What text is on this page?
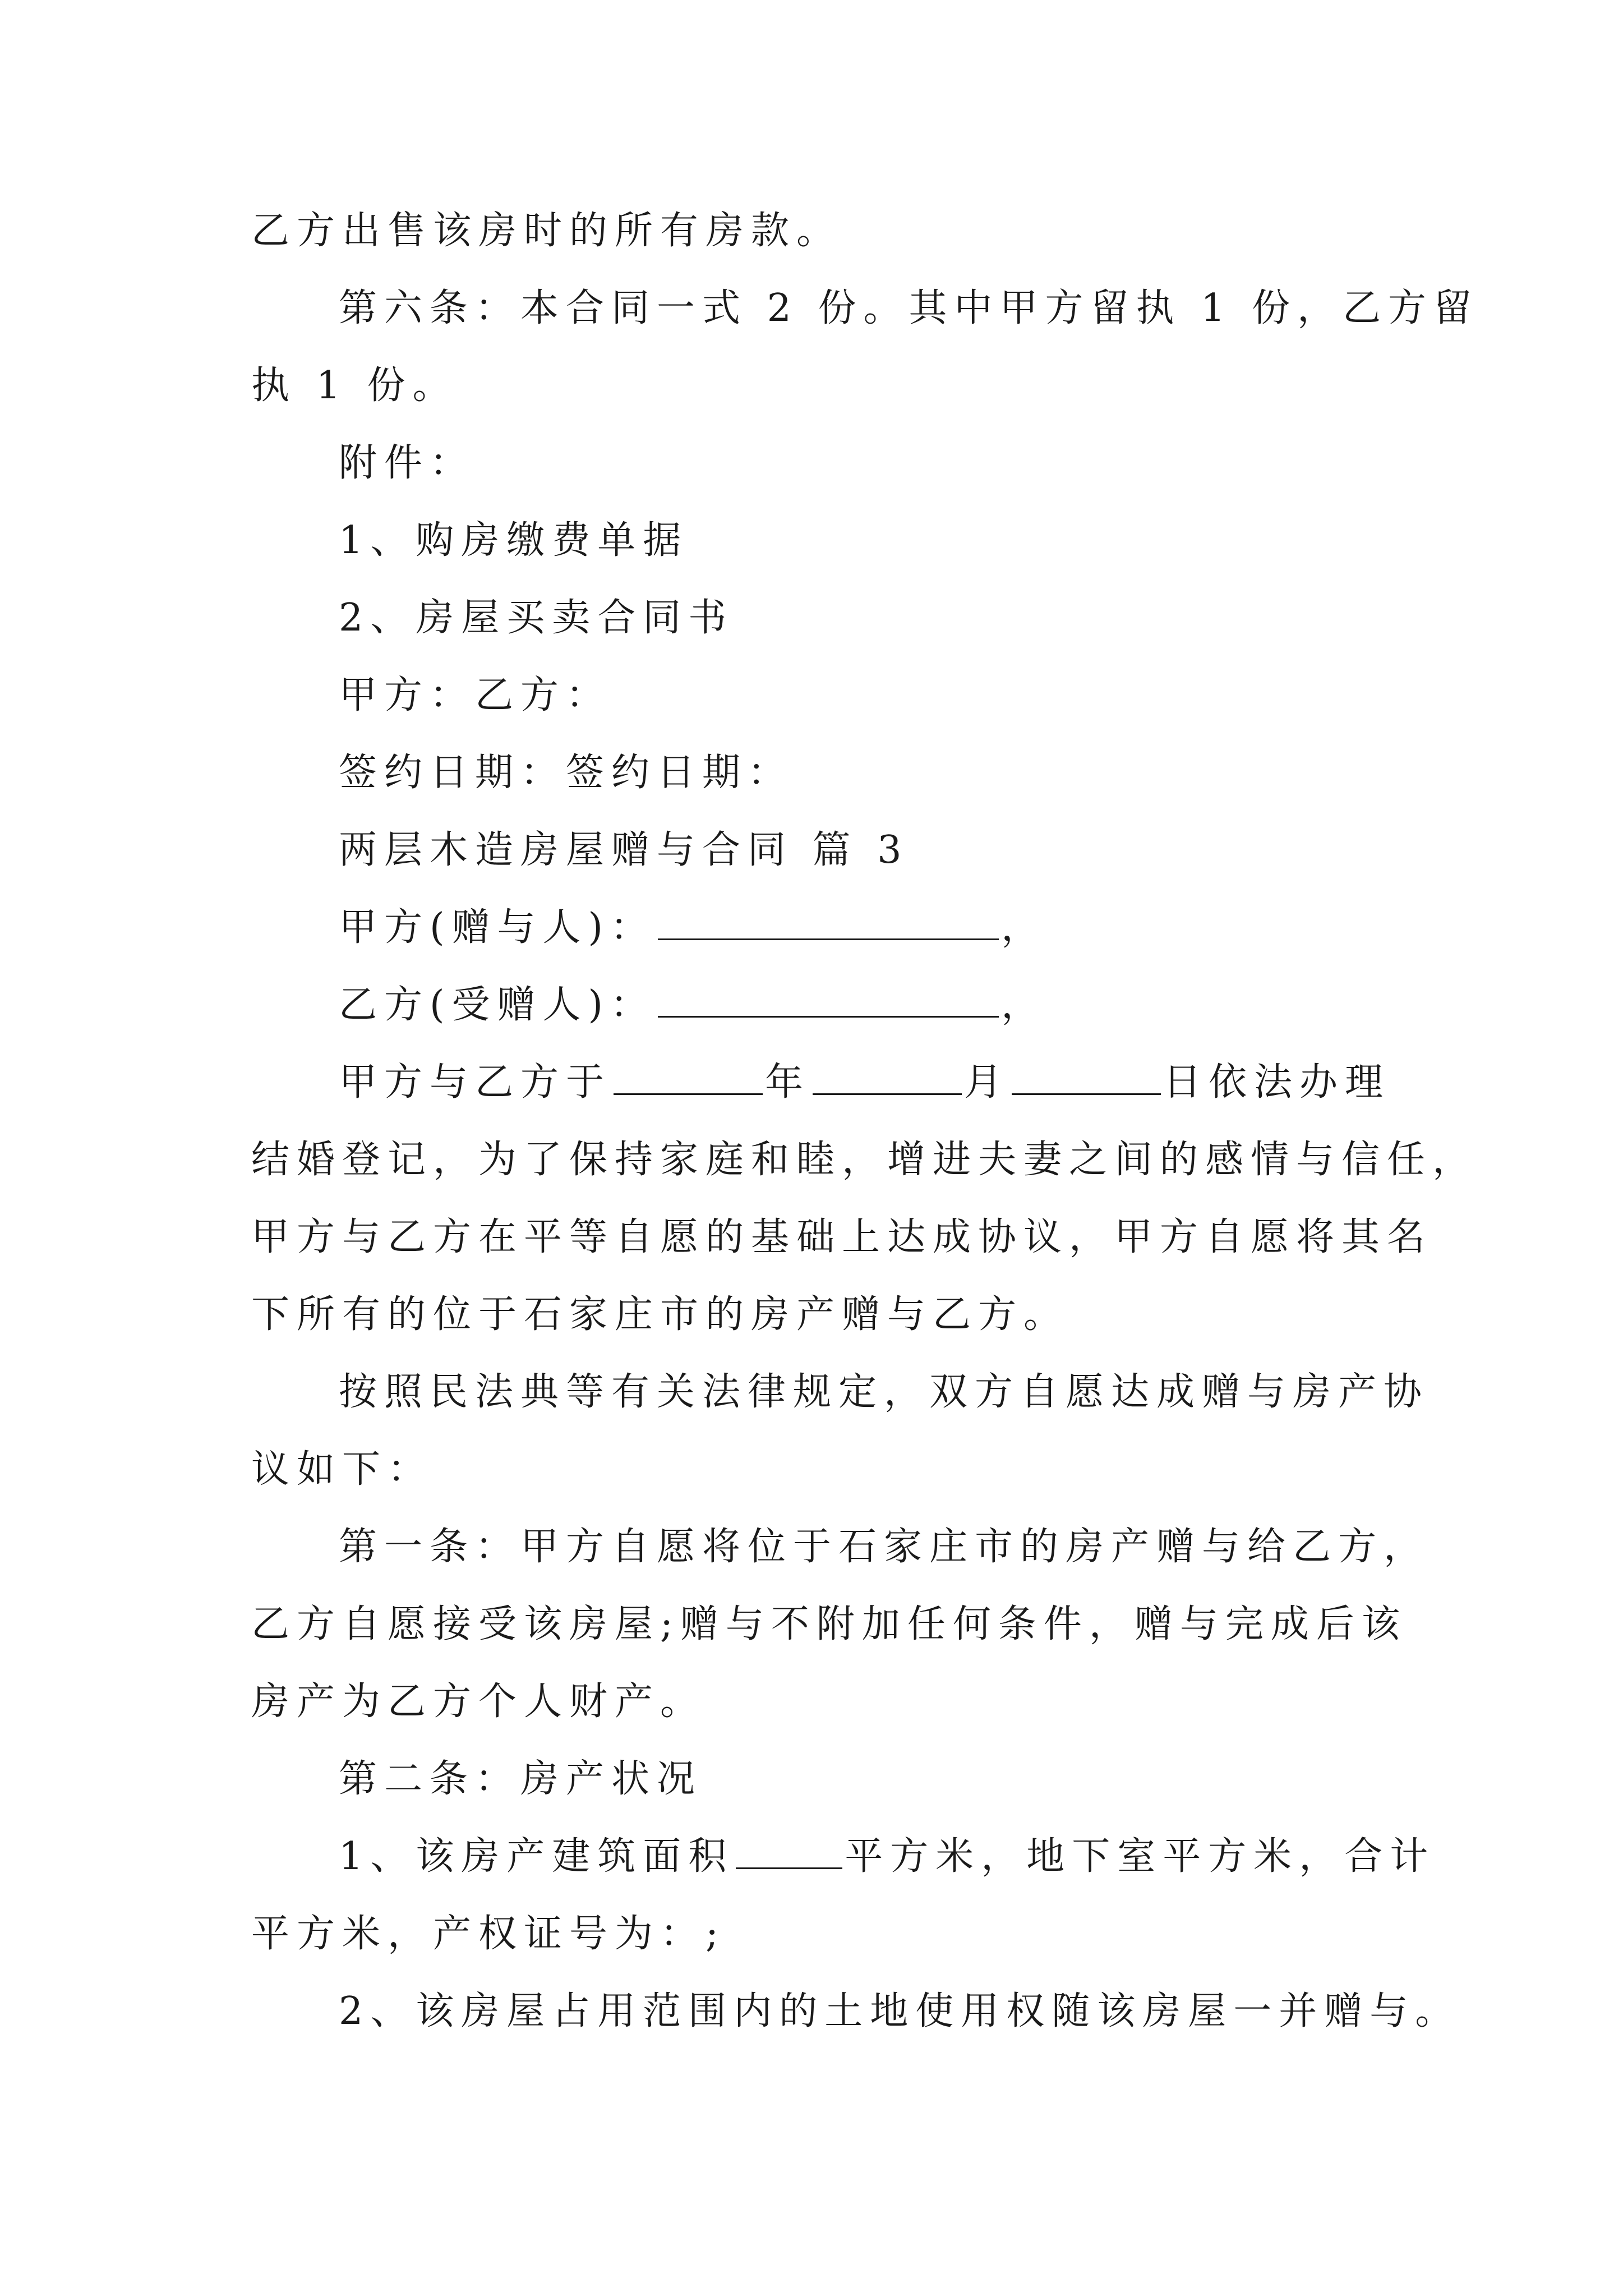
乙方出售该房时的所有房款。
第六条：本合同一式 2 份。其中甲方留执 1 份，乙方留
执 1 份。
附件：
1、购房缴费单据
2、房屋买卖合同书
甲方：乙方：
签约日期：签约日期：
两层木造房屋赠与合同 篇 3
甲方(赠与人)：	，
乙方(受赠人)：	，
甲方与乙方于	年	月	日依法办理
结婚登记，为了保持家庭和睦，增进夫妻之间的感情与信任，
甲方与乙方在平等自愿的基础上达成协议，甲方自愿将其名
下所有的位于石家庄市的房产赠与乙方。
按照民法典等有关法律规定，双方自愿达成赠与房产协
议如下：
第一条：甲方自愿将位于石家庄市的房产赠与给乙方，
乙方自愿接受该房屋;赠与不附加任何条件，赠与完成后该
房产为乙方个人财产。
第二条：房产状况
1、该房产建筑面积	平方米，地下室平方米，合计
平方米，产权证号为：;
2、该房屋占用范围内的土地使用权随该房屋一并赠与。
